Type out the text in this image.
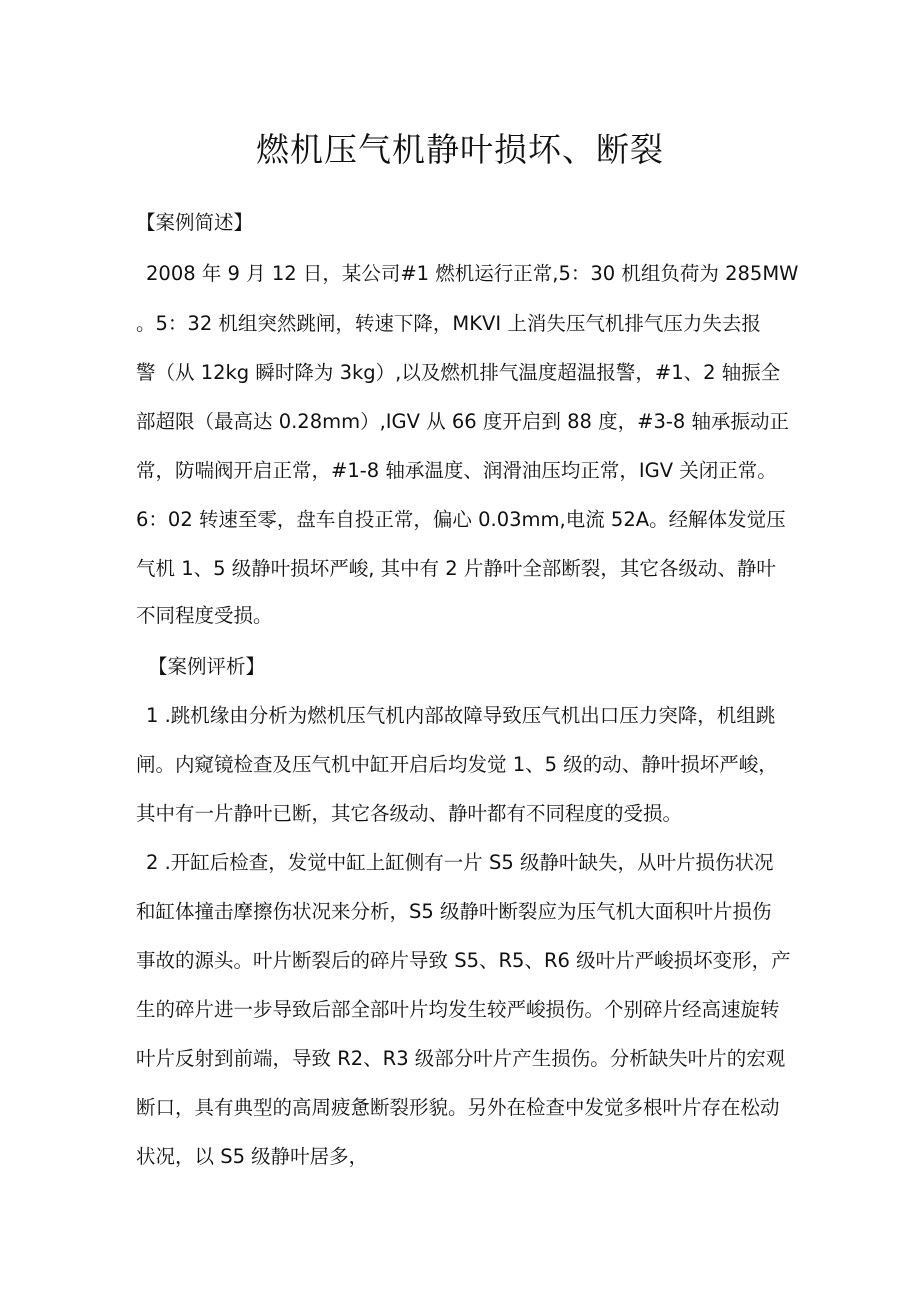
燃机压气机静叶损坏、断裂

【案例简述】

2008 年 9 月 12 日，某公司#1 燃机运行正常,5：30 机组负荷为 285MW

。5：32 机组突然跳闸，转速下降，MKVI 上消失压气机排气压力失去报

警（从 12kg 瞬时降为 3kg）,以及燃机排气温度超温报警，#1、2 轴振全

部超限（最高达 0.28mm）,IGV 从 66 度开启到 88 度，#3-8 轴承振动正

常，防喘阀开启正常，#1-8 轴承温度、润滑油压均正常，IGV 关闭正常。

6：02 转速至零，盘车自投正常，偏心 0.03mm,电流 52A。经解体发觉压

气机 1、5 级静叶损坏严峻, 其中有 2 片静叶全部断裂，其它各级动、静叶

不同程度受损。

【案例评析】

1 .跳机缘由分析为燃机压气机内部故障导致压气机出口压力突降，机组跳

闸。内窥镜检查及压气机中缸开启后均发觉 1、5 级的动、静叶损坏严峻，

其中有一片静叶已断，其它各级动、静叶都有不同程度的受损。

2 .开缸后检查，发觉中缸上缸侧有一片 S5 级静叶缺失，从叶片损伤状况

和缸体撞击摩擦伤状况来分析，S5 级静叶断裂应为压气机大面积叶片损伤

事故的源头。叶片断裂后的碎片导致 S5、R5、R6 级叶片严峻损坏变形，产

生的碎片进一步导致后部全部叶片均发生较严峻损伤。个别碎片经高速旋转

叶片反射到前端，导致 R2、R3 级部分叶片产生损伤。分析缺失叶片的宏观

断口，具有典型的高周疲惫断裂形貌。另外在检查中发觉多根叶片存在松动

状况，以 S5 级静叶居多，
